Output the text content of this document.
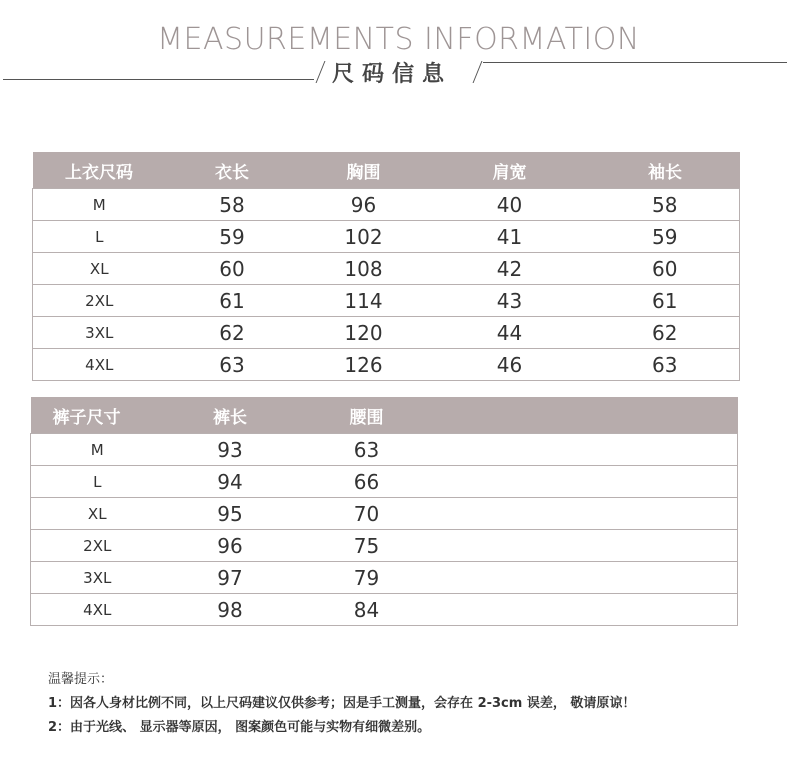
MEASUREMENTS INFORMATION
尺码信息
上衣尺码	衣长	胸围	肩宽	袖长
M	58	96	40	58
L	59	102	41	59
XL	60	108	42	60
2XL	61	114	43	61
3XL	62	120	44	62
4XL	63	126	46	63
裤子尺寸	裤长	腰围		
M	93	63		
L	94	66		
XL	95	70		
2XL	96	75		
3XL	97	79		
4XL	98	84		
温馨提示：
1：因各人身材比例不同，以上尺码建议仅供参考；因是手工测量，会存在 2-3cm 误差， 敬请原谅！
2：由于光线、 显示器等原因， 图案颜色可能与实物有细微差别。
